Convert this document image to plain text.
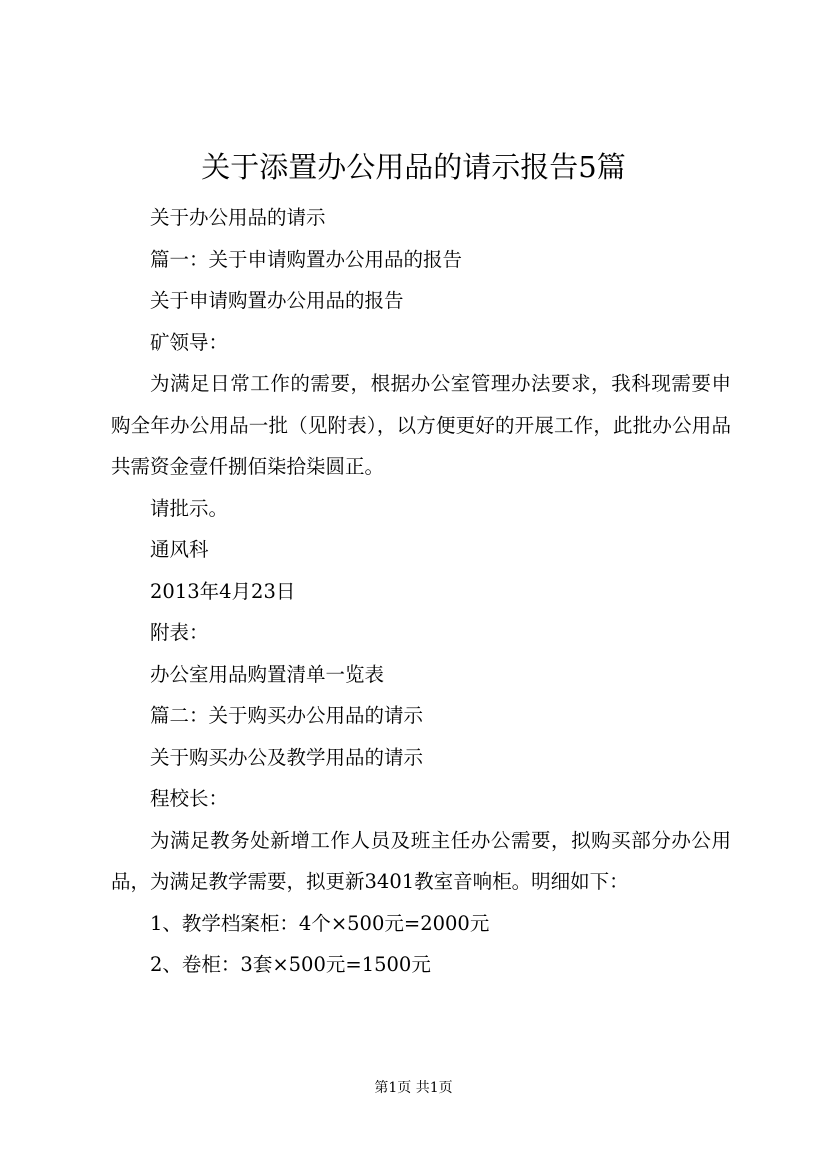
关于添置办公用品的请示报告5篇

关于办公用品的请示

篇一：关于申请购置办公用品的报告

关于申请购置办公用品的报告

矿领导：

为满足日常工作的需要，根据办公室管理办法要求，我科现需要申购全年办公用品一批（见附表），以方便更好的开展工作，此批办公用品共需资金壹仟捌佰柒拾柒圆正。

请批示。

通风科

2013年4月23日

附表：

办公室用品购置清单一览表

篇二：关于购买办公用品的请示

关于购买办公及教学用品的请示

程校长：

为满足教务处新增工作人员及班主任办公需要，拟购买部分办公用品，为满足教学需要，拟更新3401教室音响柜。明细如下：

1、教学档案柜：4个×500元=2000元

2、卷柜：3套×500元=1500元

第1页 共1页
